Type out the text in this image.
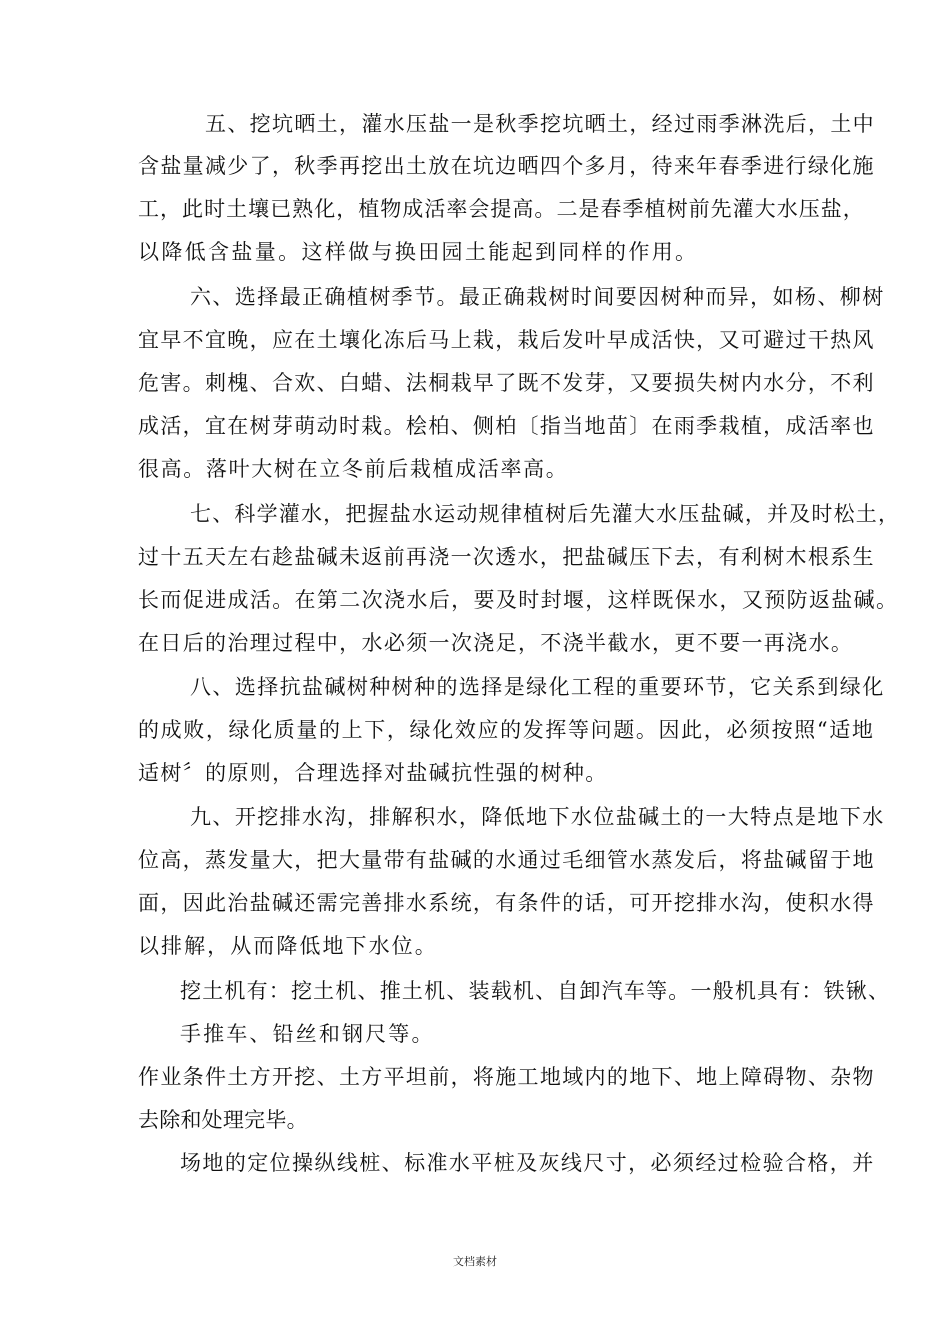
五、挖坑晒土，灌水压盐一是秋季挖坑晒土，经过雨季淋洗后，土中
含盐量减少了，秋季再挖出土放在坑边晒四个多月，待来年春季进行绿化施
工，此时土壤已熟化，植物成活率会提高。二是春季植树前先灌大水压盐，
以降低含盐量。这样做与换田园土能起到同样的作用。
六、选择最正确植树季节。最正确栽树时间要因树种而异，如杨、柳树
宜早不宜晚，应在土壤化冻后马上栽，栽后发叶早成活快，又可避过干热风
危害。刺槐、合欢、白蜡、法桐栽早了既不发芽，又要损失树内水分，不利
成活，宜在树芽萌动时栽。桧柏、侧柏〔指当地苗〕在雨季栽植，成活率也
很高。落叶大树在立冬前后栽植成活率高。
七、科学灌水，把握盐水运动规律植树后先灌大水压盐碱，并及时松土，
过十五天左右趁盐碱未返前再浇一次透水，把盐碱压下去，有利树木根系生
长而促进成活。在第二次浇水后，要及时封堰，这样既保水，又预防返盐碱。
在日后的治理过程中，水必须一次浇足，不浇半截水，更不要一再浇水。
八、选择抗盐碱树种树种的选择是绿化工程的重要环节，它关系到绿化
的成败，绿化质量的上下，绿化效应的发挥等问题。因此，必须按照“适地
适树〞的原则，合理选择对盐碱抗性强的树种。
九、开挖排水沟，排解积水，降低地下水位盐碱土的一大特点是地下水
位高，蒸发量大，把大量带有盐碱的水通过毛细管水蒸发后，将盐碱留于地
面，因此治盐碱还需完善排水系统，有条件的话，可开挖排水沟，使积水得
以排解，从而降低地下水位。
挖土机有：挖土机、推土机、装载机、自卸汽车等。一般机具有：铁锹、
手推车、铅丝和钢尺等。
作业条件土方开挖、土方平坦前，将施工地域内的地下、地上障碍物、杂物
去除和处理完毕。
场地的定位操纵线桩、标准水平桩及灰线尺寸，必须经过检验合格，并
文档素材
